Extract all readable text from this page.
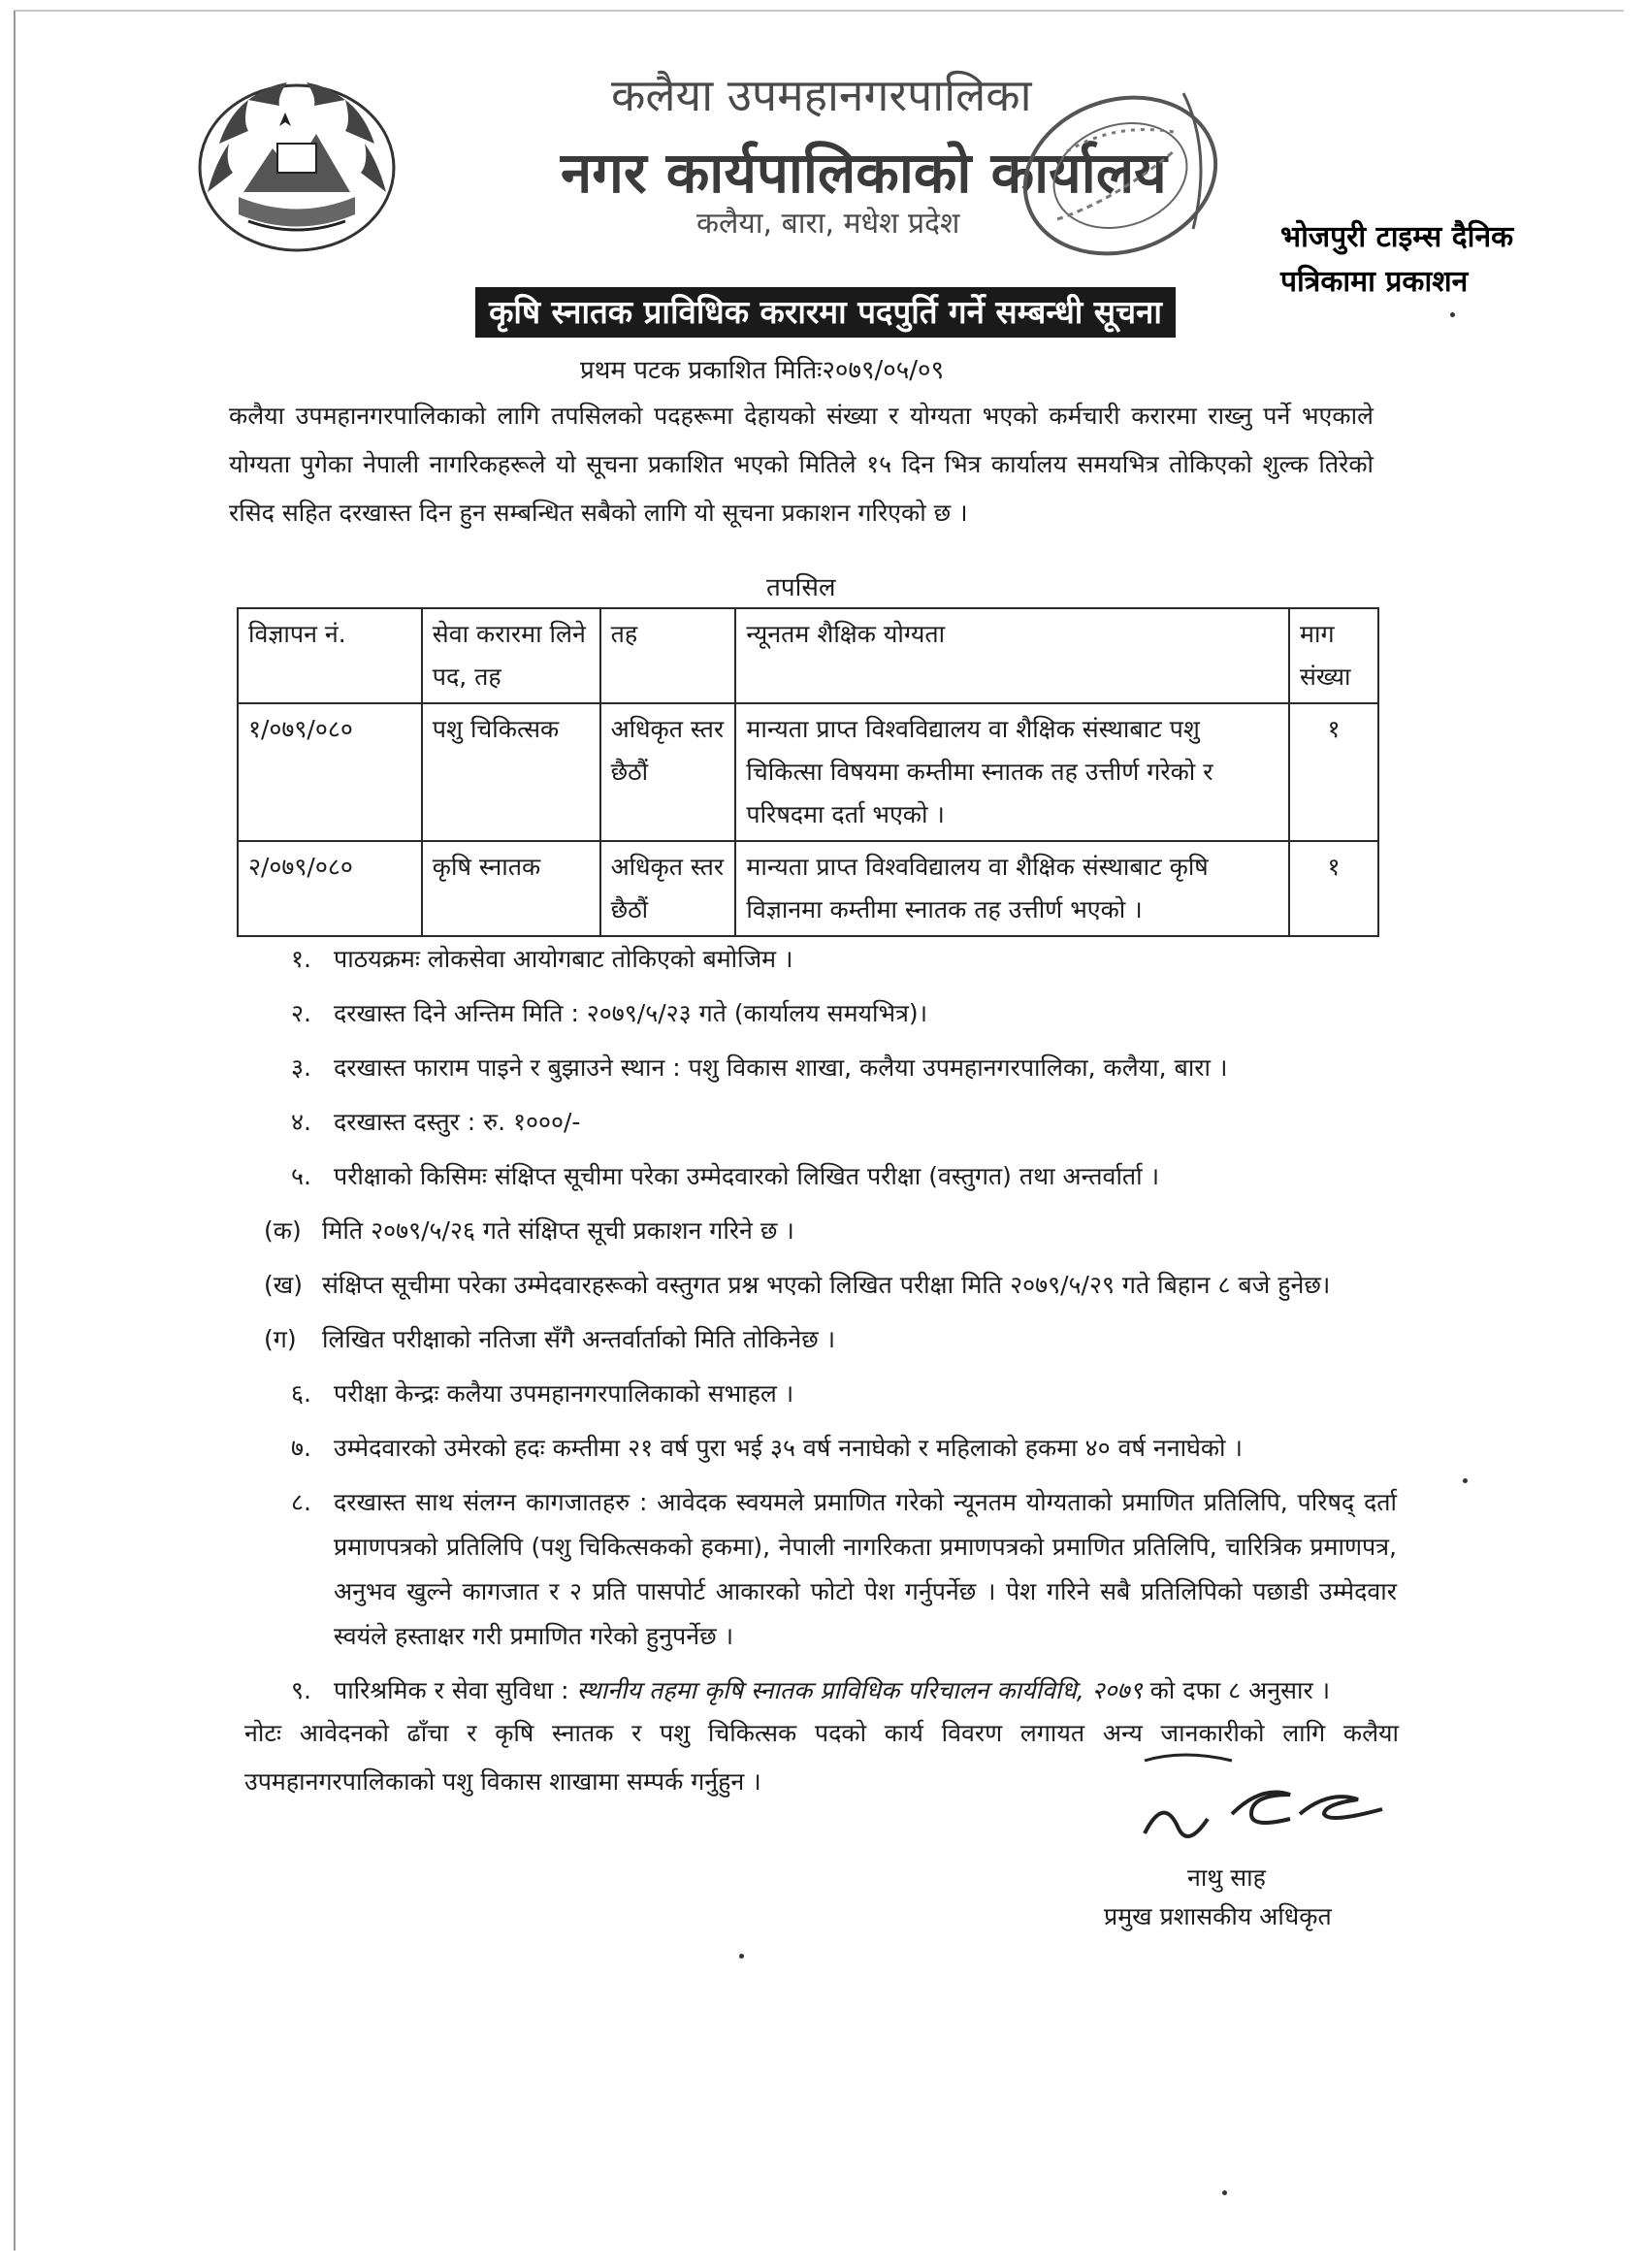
कलैया उपमहानगरपालिका
नगर कार्यपालिकाको कार्यालय
कलैया, बारा, मधेश प्रदेश	भोजपुरी टाइम्स दैनिक
पत्रिकामा प्रकाशन
कृषि स्नातक प्राविधिक करारमा पदपुर्ति गर्ने सम्बन्धी सूचना
प्रथम पटक प्रकाशित मितिः२०७९/०५/०९
कलैया उपमहानगरपालिकाको लागि तपसिलको पदहरूमा देहायको संख्या र योग्यता भएको कर्मचारी करारमा राख्नु पर्ने भएकाले योग्यता पुगेका नेपाली नागरिकहरूले यो सूचना प्रकाशित भएको मितिले १५ दिन भित्र कार्यालय समयभित्र तोकिएको शुल्क तिरेको रसिद सहित दरखास्त दिन हुन सम्बन्धित सबैको लागि यो सूचना प्रकाशन गरिएको छ ।
तपसिल
विज्ञापन नं.	सेवा करारमा लिने पद, तह	तह	न्यूनतम शैक्षिक योग्यता	माग संख्या
१/०७९/०८०	पशु चिकित्सक	अधिकृत स्तर छैठौं	मान्यता प्राप्त विश्वविद्यालय वा शैक्षिक संस्थाबाट पशु चिकित्सा विषयमा कम्तीमा स्नातक तह उत्तीर्ण गरेको र परिषदमा दर्ता भएको ।	१
२/०७९/०८०	कृषि स्नातक	अधिकृत स्तर छैठौं	मान्यता प्राप्त विश्वविद्यालय वा शैक्षिक संस्थाबाट कृषि विज्ञानमा कम्तीमा स्नातक तह उत्तीर्ण भएको ।	१
१. पाठयक्रमः लोकसेवा आयोगबाट तोकिएको बमोजिम ।
२. दरखास्त दिने अन्तिम मिति : २०७९/५/२३ गते (कार्यालय समयभित्र)।
३. दरखास्त फाराम पाइने र बुझाउने स्थान : पशु विकास शाखा, कलैया उपमहानगरपालिका, कलैया, बारा ।
४. दरखास्त दस्तुर : रु. १०००/-
५. परीक्षाको किसिमः संक्षिप्त सूचीमा परेका उम्मेदवारको लिखित परीक्षा (वस्तुगत) तथा अन्तर्वार्ता ।
(क) मिति २०७९/५/२६ गते संक्षिप्त सूची प्रकाशन गरिने छ ।
(ख) संक्षिप्त सूचीमा परेका उम्मेदवारहरूको वस्तुगत प्रश्न भएको लिखित परीक्षा मिति २०७९/५/२९ गते बिहान ८ बजे हुनेछ।
(ग) लिखित परीक्षाको नतिजा सँगै अन्तर्वार्ताको मिति तोकिनेछ ।
६. परीक्षा केन्द्रः कलैया उपमहानगरपालिकाको सभाहल ।
७. उम्मेदवारको उमेरको हदः कम्तीमा २१ वर्ष पुरा भई ३५ वर्ष ननाघेको र महिलाको हकमा ४० वर्ष ननाघेको ।
८. दरखास्त साथ संलग्न कागजातहरु : आवेदक स्वयमले प्रमाणित गरेको न्यूनतम योग्यताको प्रमाणित प्रतिलिपि, परिषद् दर्ता प्रमाणपत्रको प्रतिलिपि (पशु चिकित्सकको हकमा), नेपाली नागरिकता प्रमाणपत्रको प्रमाणित प्रतिलिपि, चारित्रिक प्रमाणपत्र, अनुभव खुल्ने कागजात र २ प्रति पासपोर्ट आकारको फोटो पेश गर्नुपर्नेछ । पेश गरिने सबै प्रतिलिपिको पछाडी उम्मेदवार स्वयंले हस्ताक्षर गरी प्रमाणित गरेको हुनुपर्नेछ ।
९. पारिश्रमिक र सेवा सुविधा : स्थानीय तहमा कृषि स्नातक प्राविधिक परिचालन कार्यविधि, २०७९ को दफा ८ अनुसार ।
नोटः आवेदनको ढाँचा र कृषि स्नातक र पशु चिकित्सक पदको कार्य विवरण लगायत अन्य जानकारीको लागि कलैया उपमहानगरपालिकाको पशु विकास शाखामा सम्पर्क गर्नुहुन ।
नाथु साह
प्रमुख प्रशासकीय अधिकृत
